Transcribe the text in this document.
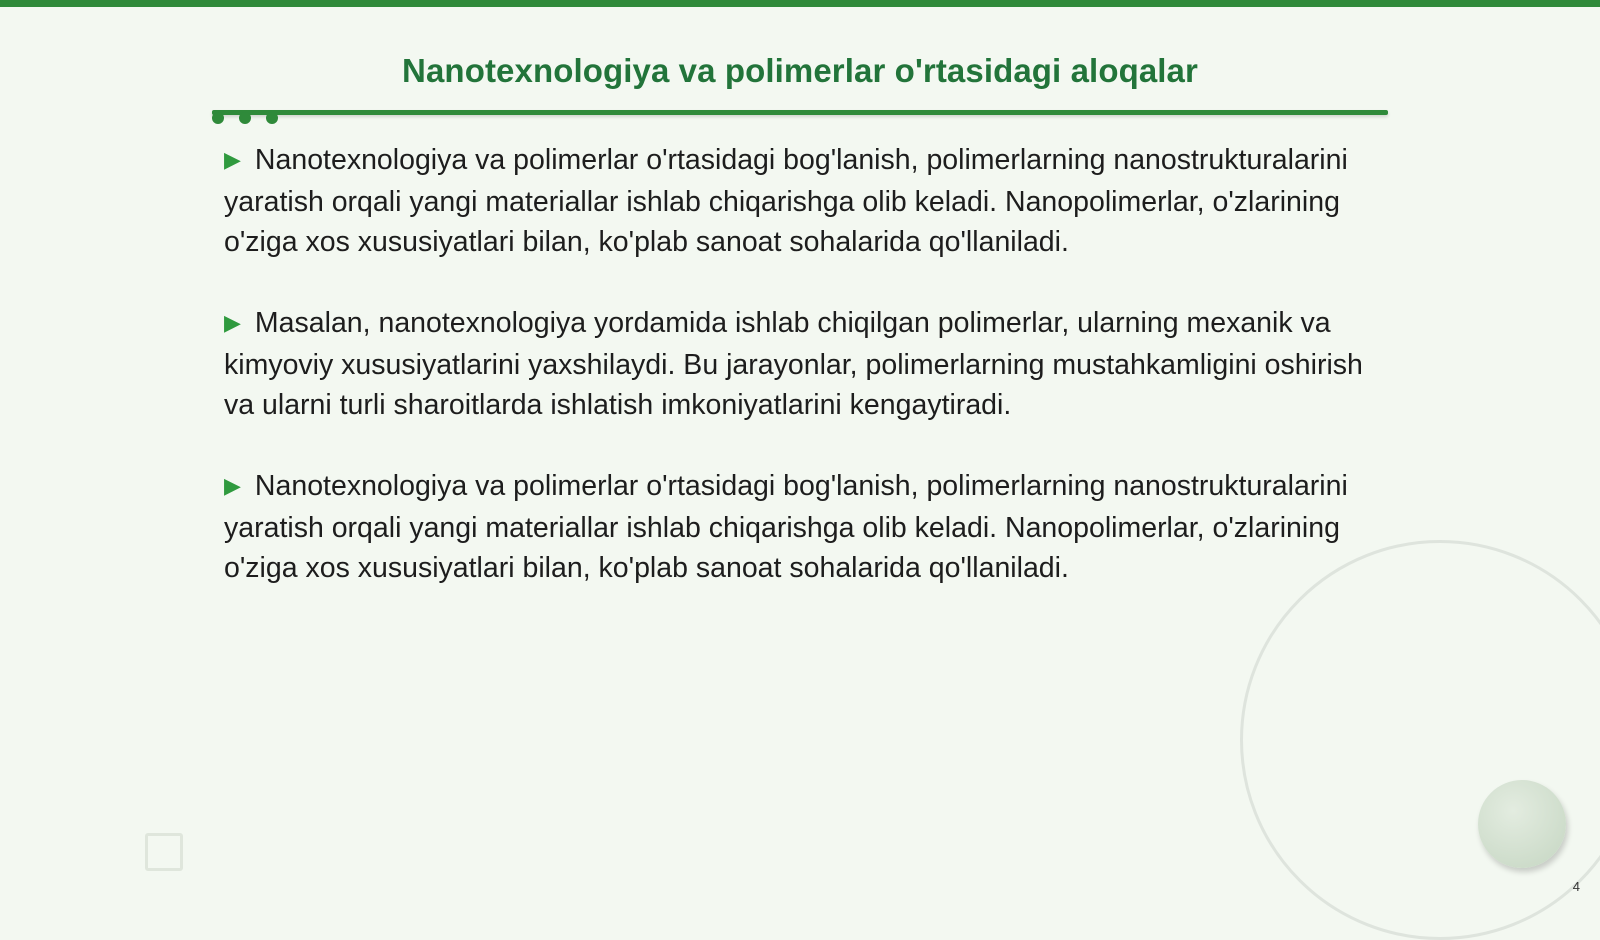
Nanotexnologiya va polimerlar o'rtasidagi aloqalar

▶ Nanotexnologiya va polimerlar o'rtasidagi bog'lanish, polimerlarning nanostrukturalarini yaratish orqali yangi materiallar ishlab chiqarishga olib keladi. Nanopolimerlar, o'zlarining o'ziga xos xususiyatlari bilan, ko'plab sanoat sohalarida qo'llaniladi.

▶ Masalan, nanotexnologiya yordamida ishlab chiqilgan polimerlar, ularning mexanik va kimyoviy xususiyatlarini yaxshilaydi. Bu jarayonlar, polimerlarning mustahkamligini oshirish va ularni turli sharoitlarda ishlatish imkoniyatlarini kengaytiradi.

▶ Nanotexnologiya va polimerlar o'rtasidagi bog'lanish, polimerlarning nanostrukturalarini yaratish orqali yangi materiallar ishlab chiqarishga olib keladi. Nanopolimerlar, o'zlarining o'ziga xos xususiyatlari bilan, ko'plab sanoat sohalarida qo'llaniladi.

4
